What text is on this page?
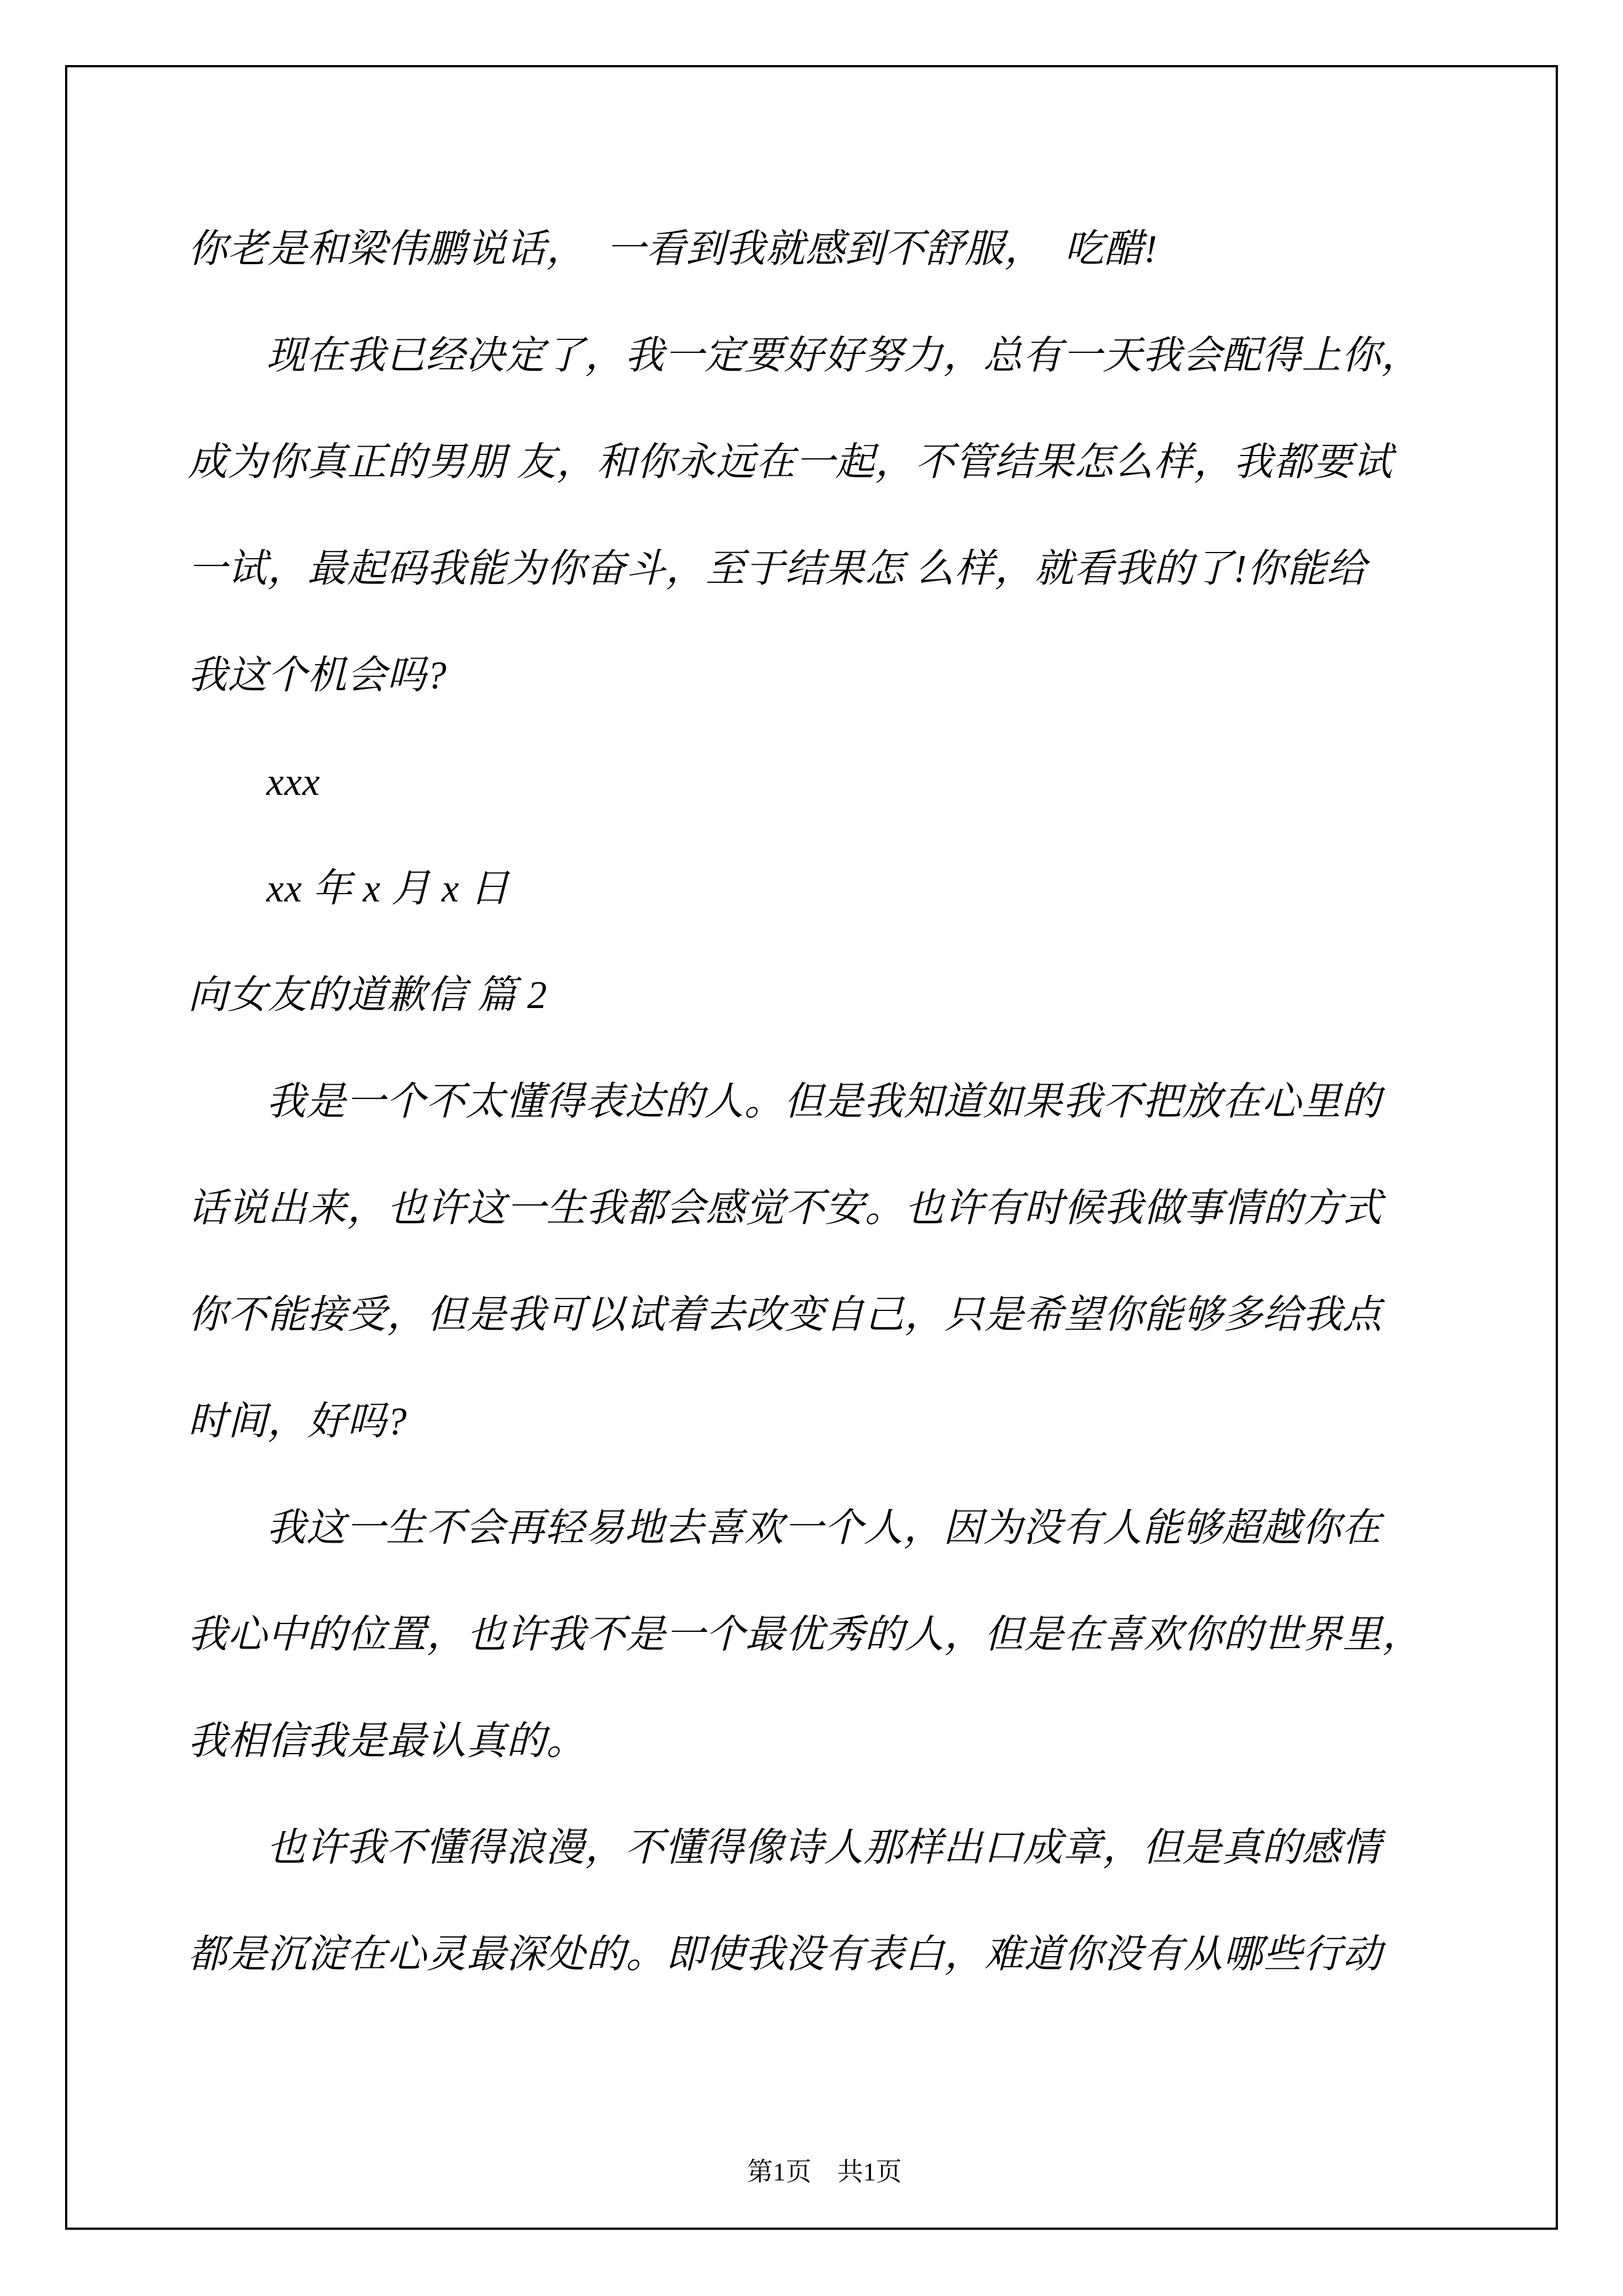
你老是和梁伟鹏说话，　一看到我就感到不舒服，　吃醋!
现在我已经决定了，我一定要好好努力，总有一天我会配得上你，
成为你真正的男朋 友，和你永远在一起，不管结果怎么样，我都要试
一试，最起码我能为你奋斗，至于结果怎 么样，就看我的了!你能给
我这个机会吗?
xxx
xx 年 x 月 x 日
向女友的道歉信 篇 2
我是一个不太懂得表达的人。但是我知道如果我不把放在心里的
话说出来，也许这一生我都会感觉不安。也许有时候我做事情的方式
你不能接受，但是我可以试着去改变自己，只是希望你能够多给我点
时间，好吗?
我这一生不会再轻易地去喜欢一个人，因为没有人能够超越你在
我心中的位置，也许我不是一个最优秀的人，但是在喜欢你的世界里，
我相信我是最认真的。
也许我不懂得浪漫，不懂得像诗人那样出口成章，但是真的感情
都是沉淀在心灵最深处的。即使我没有表白，难道你没有从哪些行动

第1页　共1页
